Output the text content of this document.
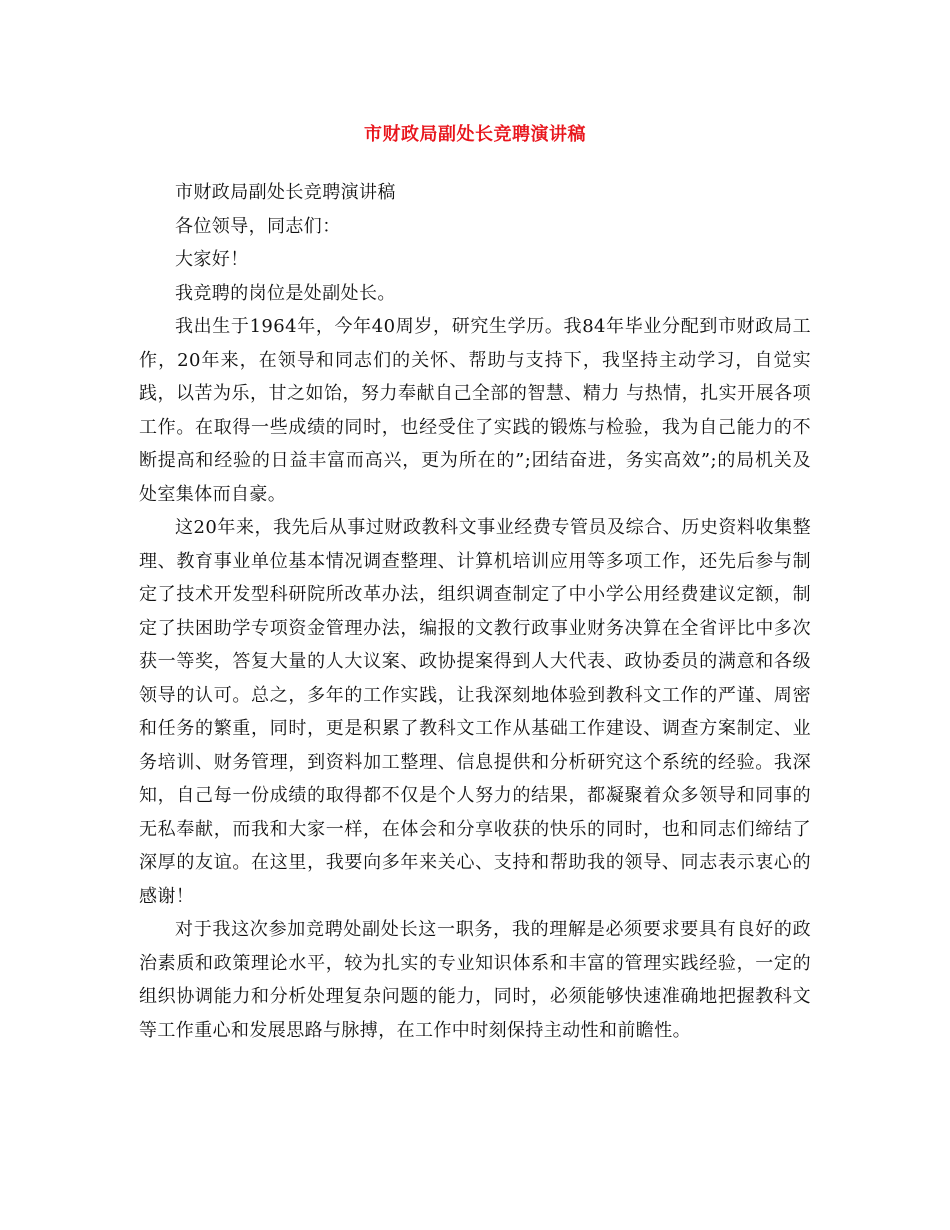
市财政局副处长竞聘演讲稿

市财政局副处长竞聘演讲稿

各位领导，同志们：

大家好！

我竞聘的岗位是处副处长。

我出生于1964年，今年40周岁，研究生学历。我84年毕业分配到市财政局工作，20年来，在领导和同志们的关怀、帮助与支持下，我坚持主动学习，自觉实践，以苦为乐，甘之如饴，努力奉献自己全部的智慧、精力 与热情，扎实开展各项工作。在取得一些成绩的同时，也经受住了实践的锻炼与检验，我为自己能力的不断提高和经验的日益丰富而高兴，更为所在的”;团结奋进，务实高效”;的局机关及处室集体而自豪。

这20年来，我先后从事过财政教科文事业经费专管员及综合、历史资料收集整理、教育事业单位基本情况调查整理、计算机培训应用等多项工作，还先后参与制定了技术开发型科研院所改革办法，组织调查制定了中小学公用经费建议定额，制定了扶困助学专项资金管理办法，编报的文教行政事业财务决算在全省评比中多次获一等奖，答复大量的人大议案、政协提案得到人大代表、政协委员的满意和各级领导的认可。总之，多年的工作实践，让我深刻地体验到教科文工作的严谨、周密和任务的繁重，同时，更是积累了教科文工作从基础工作建设、调查方案制定、业务培训、财务管理，到资料加工整理、信息提供和分析研究这个系统的经验。我深知，自己每一份成绩的取得都不仅是个人努力的结果，都凝聚着众多领导和同事的无私奉献，而我和大家一样，在体会和分享收获的快乐的同时，也和同志们缔结了深厚的友谊。在这里，我要向多年来关心、支持和帮助我的领导、同志表示衷心的感谢！

对于我这次参加竞聘处副处长这一职务，我的理解是必须要求要具有良好的政治素质和政策理论水平，较为扎实的专业知识体系和丰富的管理实践经验，一定的组织协调能力和分析处理复杂问题的能力，同时，必须能够快速准确地把握教科文等工作重心和发展思路与脉搏，在工作中时刻保持主动性和前瞻性。
